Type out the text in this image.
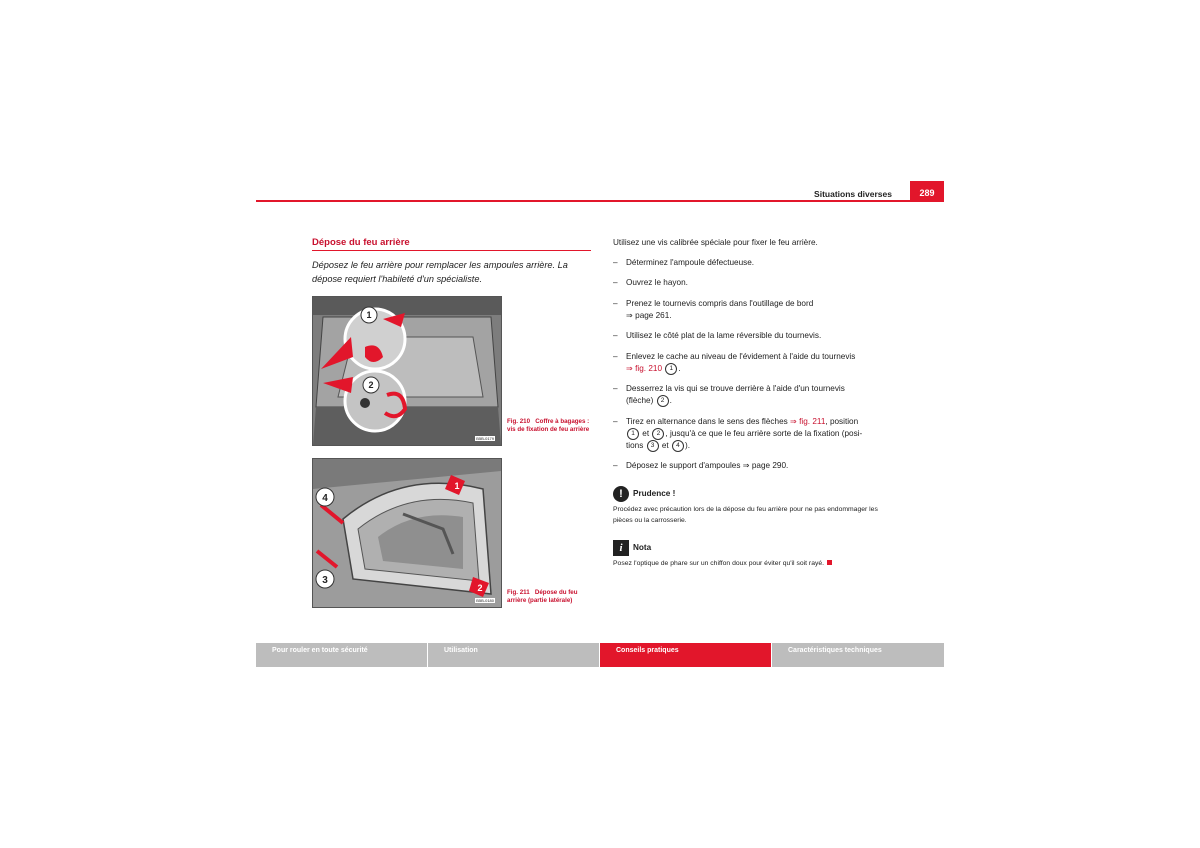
Situations diverses	289
Dépose du feu arrière
Déposez le feu arrière pour remplacer les ampoules arrière. La dépose requiert l'habileté d'un spécialiste.
1
2
B5B-0179
Fig. 210 Coffre à bagages : vis de fixation de feu arrière
4
3
1
2
B5B-0180
Fig. 211 Dépose du feu arrière (partie latérale)
Utilisez une vis calibrée spéciale pour fixer le feu arrière.
– Déterminez l'ampoule défectueuse.
– Ouvrez le hayon.
– Prenez le tournevis compris dans l'outillage de bord
⇒ page 261.
– Utilisez le côté plat de la lame réversible du tournevis.
– Enlevez le cache au niveau de l'évidement à l'aide du tournevis
⇒ fig. 210 1 .
– Desserrez la vis qui se trouve derrière à l'aide d'un tournevis
(flèche) 2 .
– Tirez en alternance dans le sens des flèches ⇒ fig. 211, position
1 et 2 , jusqu'à ce que le feu arrière sorte de la fixation (posi-
tions 3 et 4 ).
– Déposez le support d'ampoules ⇒ page 290.
!	Prudence !
Procédez avec précaution lors de la dépose du feu arrière pour ne pas endommager les pièces ou la carrosserie.
i	Nota
Posez l'optique de phare sur un chiffon doux pour éviter qu'il soit rayé.
Pour rouler en toute sécurité	Utilisation	Conseils pratiques	Caractéristiques techniques
